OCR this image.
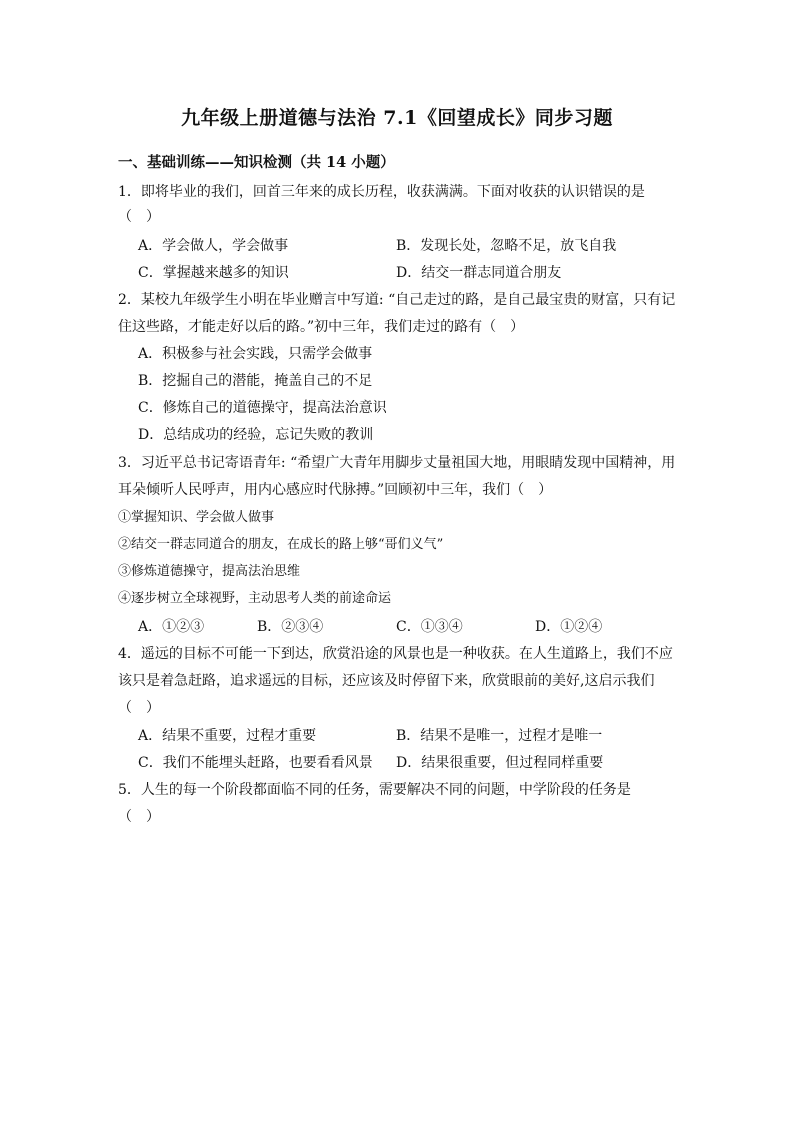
九年级上册道德与法治 7.1《回望成长》同步习题
一、基础训练——知识检测（共 14 小题）
1．即将毕业的我们，回首三年来的成长历程，收获满满。下面对收获的认识错误的是
（　）
A．学会做人，学会做事	B．发现长处，忽略不足，放飞自我
C．掌握越来越多的知识	D．结交一群志同道合朋友
2．某校九年级学生小明在毕业赠言中写道: “自己走过的路，是自己最宝贵的财富，只有记
住这些路，才能走好以后的路。”初中三年，我们走过的路有（　）
A．积极参与社会实践，只需学会做事
B．挖掘自己的潜能，掩盖自己的不足
C．修炼自己的道德操守，提高法治意识
D．总结成功的经验，忘记失败的教训
3．习近平总书记寄语青年: “希望广大青年用脚步丈量祖国大地，用眼睛发现中国精神，用
耳朵倾听人民呼声，用内心感应时代脉搏。”回顾初中三年，我们（　）
①掌握知识、学会做人做事
②结交一群志同道合的朋友，在成长的路上够“哥们义气”
③修炼道德操守，提高法治思维
④逐步树立全球视野，主动思考人类的前途命运
A．①②③	B．②③④	C．①③④	D．①②④
4．遥远的目标不可能一下到达，欣赏沿途的风景也是一种收获。在人生道路上，我们不应
该只是着急赶路，追求遥远的目标，还应该及时停留下来，欣赏眼前的美好,这启示我们
（　）
A．结果不重要，过程才重要	B．结果不是唯一，过程才是唯一
C．我们不能埋头赶路，也要看看风景 D．结果很重要，但过程同样重要
5．人生的每一个阶段都面临不同的任务，需要解决不同的问题，中学阶段的任务是
（　）
